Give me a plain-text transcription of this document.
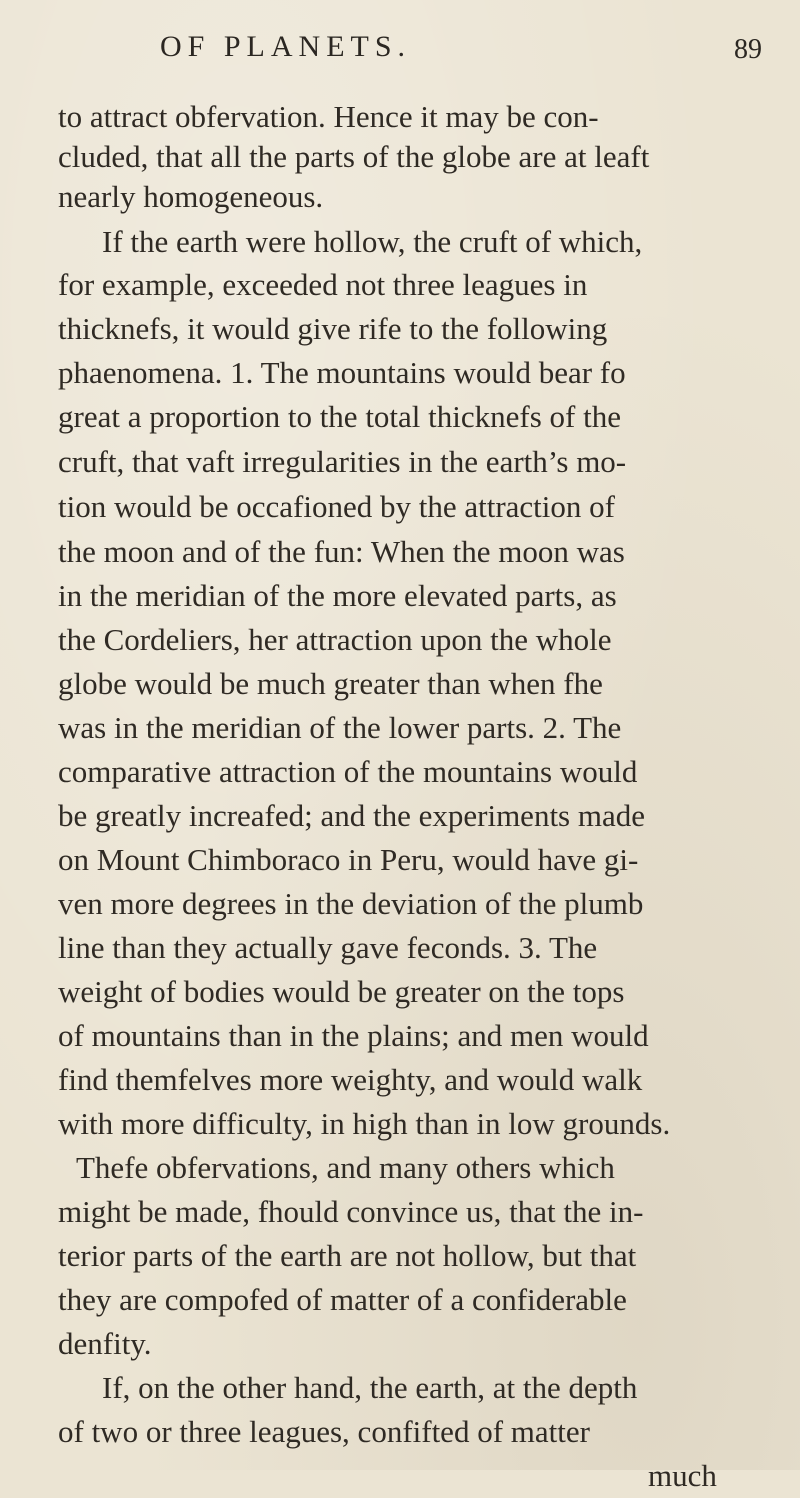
OF PLANETS.	89
to attract obfervation. Hence it may be con-
cluded, that all the parts of the globe are at leaft
nearly homogeneous.
If the earth were hollow, the cruft of which,
for example, exceeded not three leagues in
thicknefs, it would give rife to the following
phaenomena. 1. The mountains would bear fo
great a proportion to the total thicknefs of the
cruft, that vaft irregularities in the earth’s mo-
tion would be occafioned by the attraction of
the moon and of the fun: When the moon was
in the meridian of the more elevated parts, as
the Cordeliers, her attraction upon the whole
globe would be much greater than when fhe
was in the meridian of the lower parts. 2. The
comparative attraction of the mountains would
be greatly increafed; and the experiments made
on Mount Chimboraco in Peru, would have gi-
ven more degrees in the deviation of the plumb
line than they actually gave feconds. 3. The
weight of bodies would be greater on the tops
of mountains than in the plains; and men would
find themfelves more weighty, and would walk
with more difficulty, in high than in low grounds.
Thefe obfervations, and many others which
might be made, fhould convince us, that the in-
terior parts of the earth are not hollow, but that
they are compofed of matter of a confiderable
denfity.
If, on the other hand, the earth, at the depth
of two or three leagues, confifted of matter
much
